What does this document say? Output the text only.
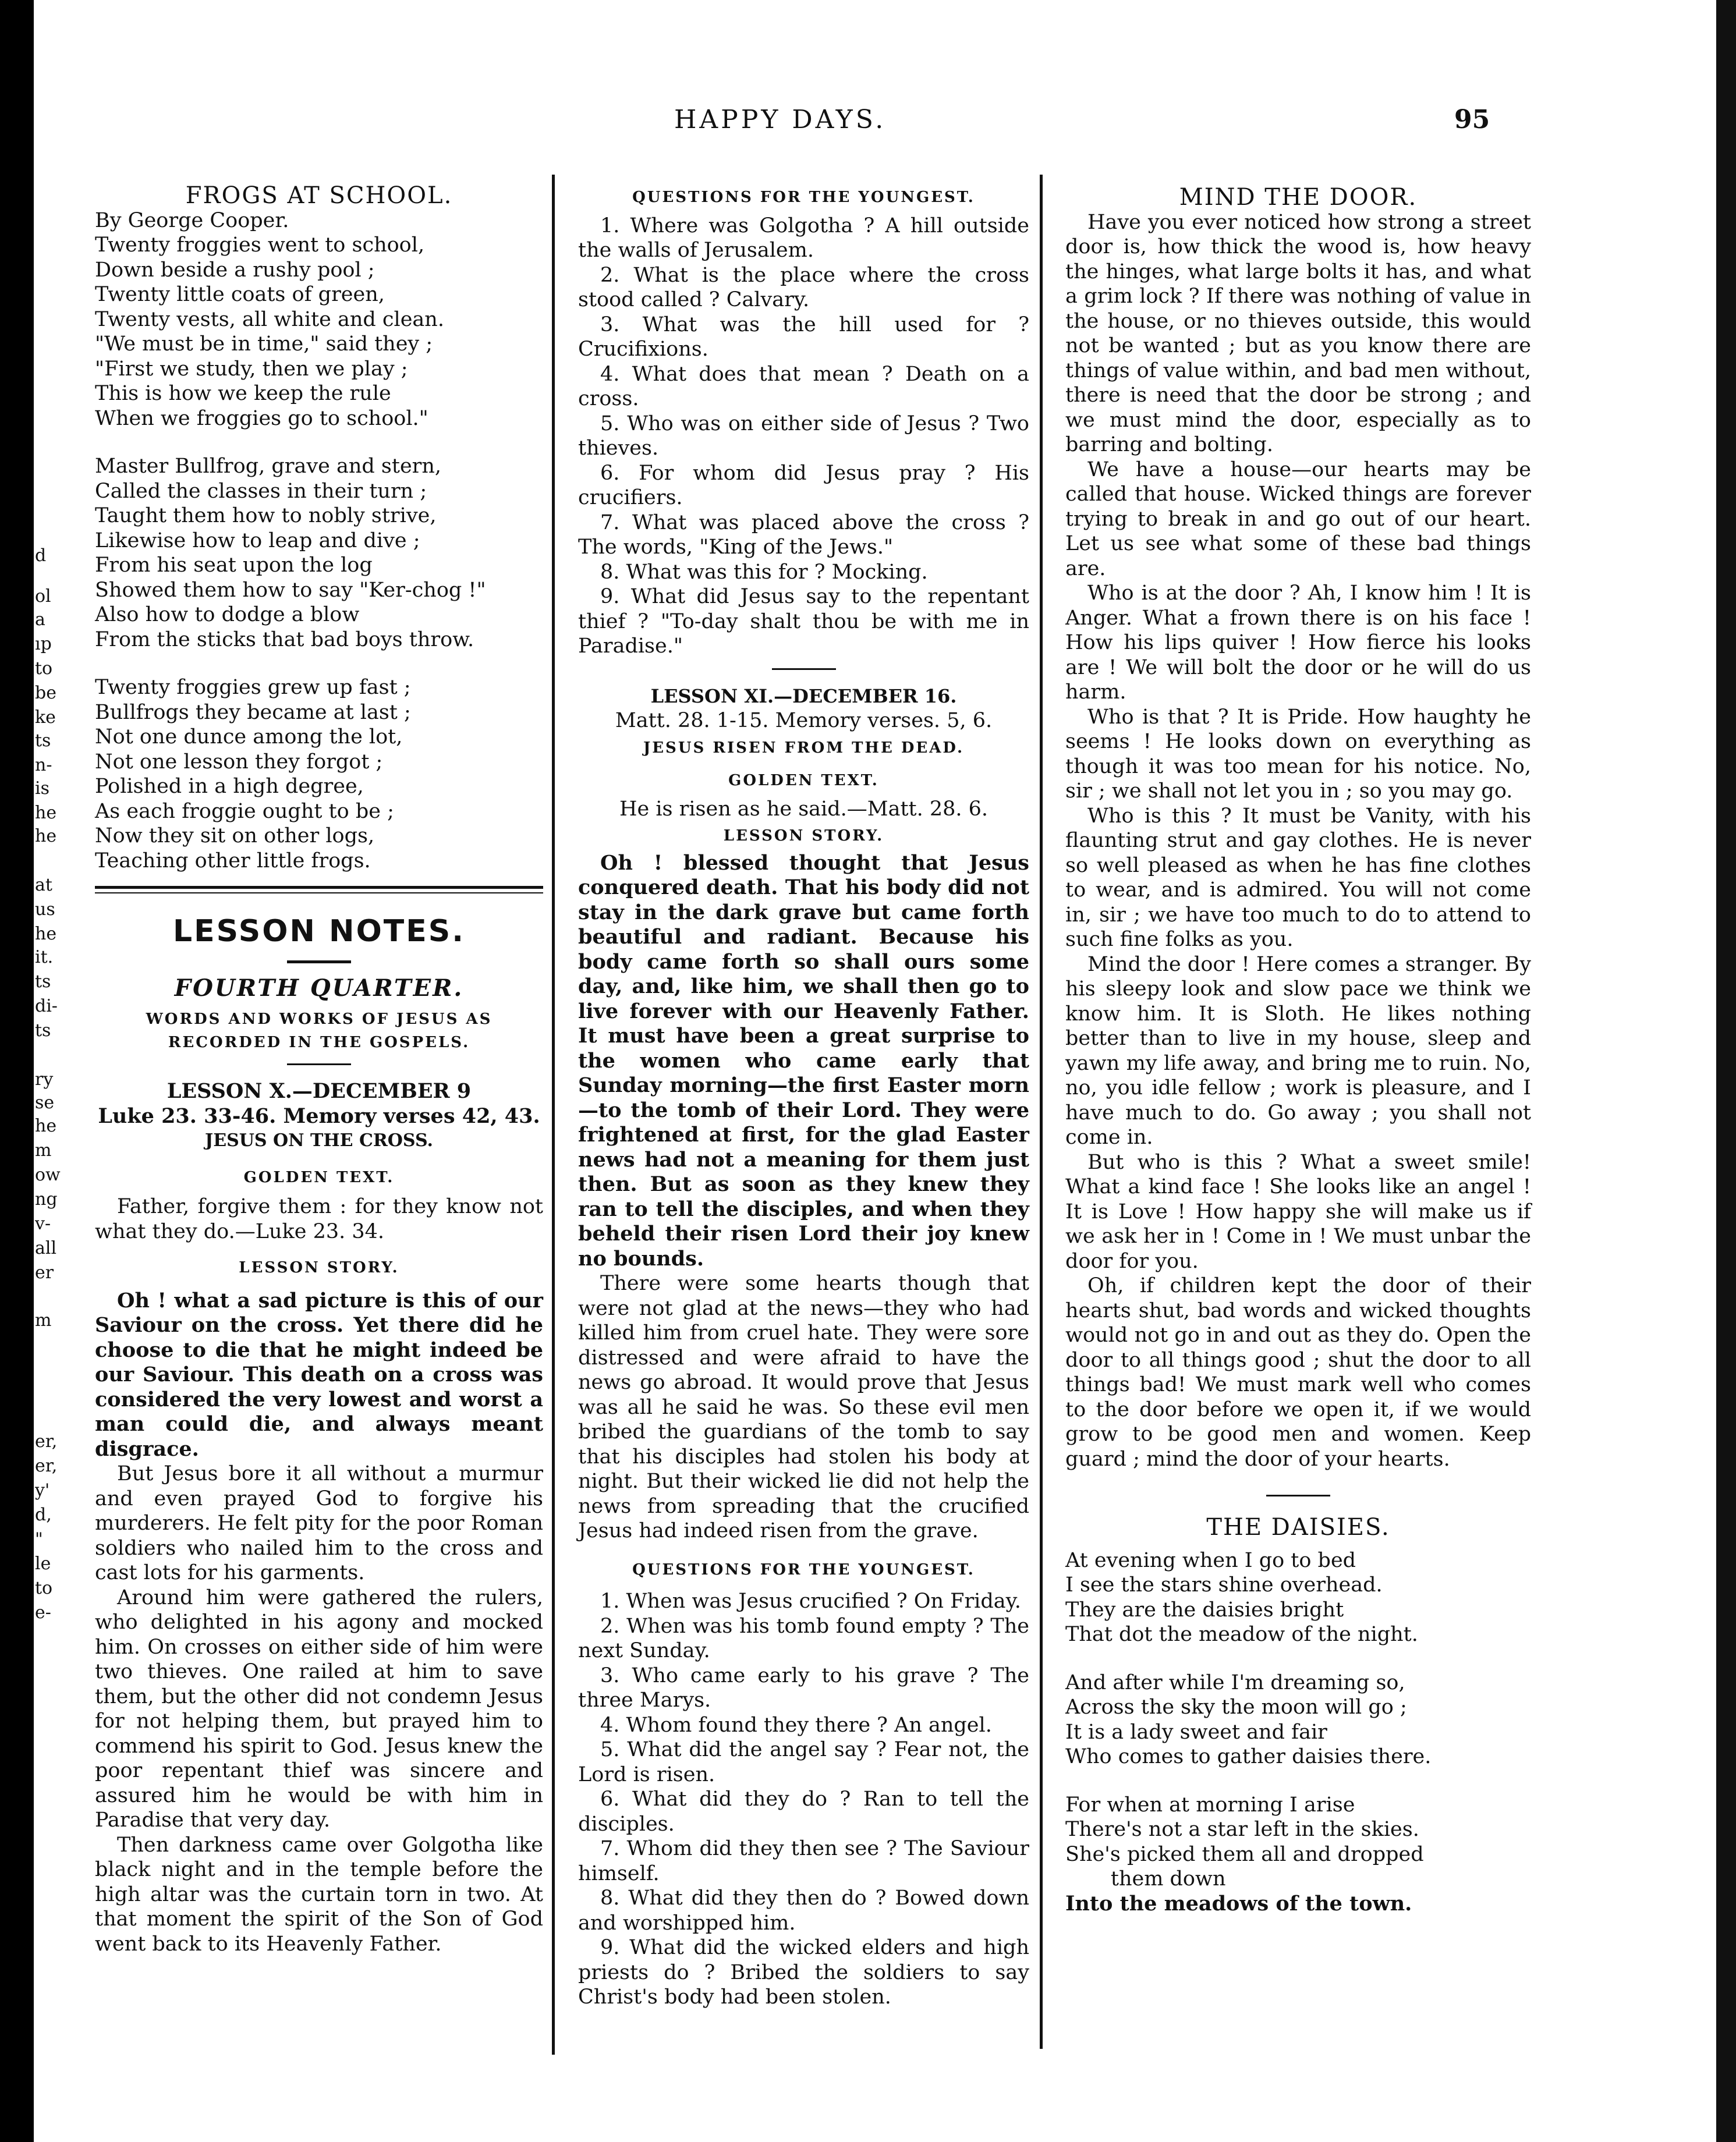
d
ol
a
ıp
to
be
ke
ts
n-
is
he
he
at
us
he
it.
ts
di-
ts
ry
se
he
m
ow
ng
v-
all
er
m
er,
er,
y'
d,
"
le
to
e-
HAPPY DAYS.	95
FROGS AT SCHOOL.
By George Cooper.
Twenty froggies went to school,
Down beside a rushy pool ;
Twenty little coats of green,
Twenty vests, all white and clean.
"We must be in time," said they ;
"First we study, then we play ;
This is how we keep the rule
When we froggies go to school."
Master Bullfrog, grave and stern,
Called the classes in their turn ;
Taught them how to nobly strive,
Likewise how to leap and dive ;
From his seat upon the log
Showed them how to say "Ker-chog !"
Also how to dodge a blow
From the sticks that bad boys throw.
Twenty froggies grew up fast ;
Bullfrogs they became at last ;
Not one dunce among the lot,
Not one lesson they forgot ;
Polished in a high degree,
As each froggie ought to be ;
Now they sit on other logs,
Teaching other little frogs.
LESSON NOTES.
FOURTH QUARTER.
WORDS AND WORKS OF JESUS AS RECORDED IN THE GOSPELS.
LESSON X.—DECEMBER 9
Luke 23. 33-46. Memory verses 42, 43.
JESUS ON THE CROSS.
GOLDEN TEXT.

Father, forgive them : for they know not what they do.—Luke 23. 34.

LESSON STORY.

Oh ! what a sad picture is this of our Saviour on the cross. Yet there did he choose to die that he might indeed be our Saviour. This death on a cross was considered the very lowest and worst a man could die, and always meant disgrace.

But Jesus bore it all without a murmur and even prayed God to forgive his murderers. He felt pity for the poor Roman soldiers who nailed him to the cross and cast lots for his garments.

Around him were gathered the rulers, who delighted in his agony and mocked him. On crosses on either side of him were two thieves. One railed at him to save them, but the other did not condemn Jesus for not helping them, but prayed him to commend his spirit to God. Jesus knew the poor repentant thief was sincere and assured him he would be with him in Paradise that very day.

Then darkness came over Golgotha like black night and in the temple before the high altar was the curtain torn in two. At that moment the spirit of the Son of God went back to its Heavenly Father.

QUESTIONS FOR THE YOUNGEST.

1. Where was Golgotha ? A hill outside the walls of Jerusalem.

2. What is the place where the cross stood called ? Calvary.

3. What was the hill used for ? Crucifixions.

4. What does that mean ? Death on a cross.

5. Who was on either side of Jesus ? Two thieves.

6. For whom did Jesus pray ? His crucifiers.

7. What was placed above the cross ? The words, "King of the Jews."

8. What was this for ? Mocking.

9. What did Jesus say to the repentant thief ? "To-day shalt thou be with me in Paradise."

LESSON XI.—DECEMBER 16.
Matt. 28. 1-15. Memory verses. 5, 6.
JESUS RISEN FROM THE DEAD.
GOLDEN TEXT.
He is risen as he said.—Matt. 28. 6.
LESSON STORY.

Oh ! blessed thought that Jesus conquered death. That his body did not stay in the dark grave but came forth beautiful and radiant. Because his body came forth so shall ours some day, and, like him, we shall then go to live forever with our Heavenly Father. It must have been a great surprise to the women who came early that Sunday morning—the first Easter morn—to the tomb of their Lord. They were frightened at first, for the glad Easter news had not a meaning for them just then. But as soon as they knew they ran to tell the disciples, and when they beheld their risen Lord their joy knew no bounds.

There were some hearts though that were not glad at the news—they who had killed him from cruel hate. They were sore distressed and were afraid to have the news go abroad. It would prove that Jesus was all he said he was. So these evil men bribed the guardians of the tomb to say that his disciples had stolen his body at night. But their wicked lie did not help the news from spreading that the crucified Jesus had indeed risen from the grave.

QUESTIONS FOR THE YOUNGEST.

1. When was Jesus crucified ? On Friday.

2. When was his tomb found empty ? The next Sunday.

3. Who came early to his grave ? The three Marys.

4. Whom found they there ? An angel.

5. What did the angel say ? Fear not, the Lord is risen.

6. What did they do ? Ran to tell the disciples.

7. Whom did they then see ? The Saviour himself.

8. What did they then do ? Bowed down and worshipped him.

9. What did the wicked elders and high priests do ? Bribed the soldiers to say Christ's body had been stolen.

MIND THE DOOR.

Have you ever noticed how strong a street door is, how thick the wood is, how heavy the hinges, what large bolts it has, and what a grim lock ? If there was nothing of value in the house, or no thieves outside, this would not be wanted ; but as you know there are things of value within, and bad men without, there is need that the door be strong ; and we must mind the door, especially as to barring and bolting.

We have a house—our hearts may be called that house. Wicked things are forever trying to break in and go out of our heart. Let us see what some of these bad things are.

Who is at the door ? Ah, I know him ! It is Anger. What a frown there is on his face ! How his lips quiver ! How fierce his looks are ! We will bolt the door or he will do us harm.

Who is that ? It is Pride. How haughty he seems ! He looks down on everything as though it was too mean for his notice. No, sir ; we shall not let you in ; so you may go.

Who is this ? It must be Vanity, with his flaunting strut and gay clothes. He is never so well pleased as when he has fine clothes to wear, and is admired. You will not come in, sir ; we have too much to do to attend to such fine folks as you.

Mind the door ! Here comes a stranger. By his sleepy look and slow pace we think we know him. It is Sloth. He likes nothing better than to live in my house, sleep and yawn my life away, and bring me to ruin. No, no, you idle fellow ; work is pleasure, and I have much to do. Go away ; you shall not come in.

But who is this ? What a sweet smile! What a kind face ! She looks like an angel ! It is Love ! How happy she will make us if we ask her in ! Come in ! We must unbar the door for you.

Oh, if children kept the door of their hearts shut, bad words and wicked thoughts would not go in and out as they do. Open the door to all things good ; shut the door to all things bad! We must mark well who comes to the door before we open it, if we would grow to be good men and women. Keep guard ; mind the door of your hearts.

THE DAISIES.
At evening when I go to bed
I see the stars shine overhead.
They are the daisies bright
That dot the meadow of the night.
And after while I'm dreaming so,
Across the sky the moon will go ;
It is a lady sweet and fair
Who comes to gather daisies there.
For when at morning I arise
There's not a star left in the skies.
She's picked them all and dropped
them down
Into the meadows of the town.
